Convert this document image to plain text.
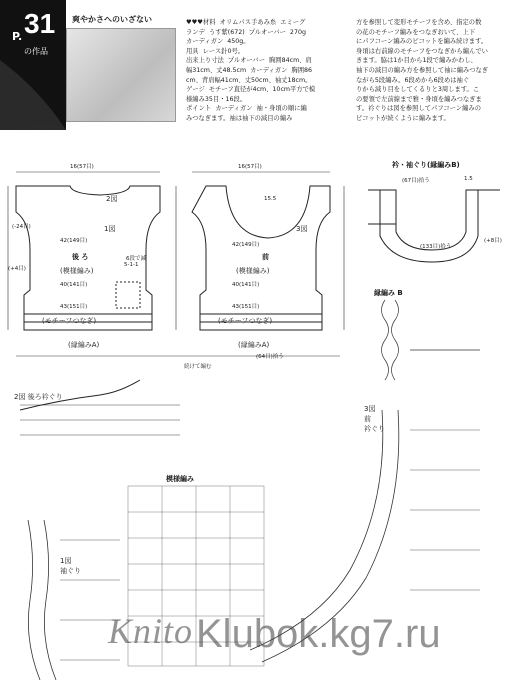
P. 31
の作品
爽やかさへのいざない
エミーグランデ
♥♥♥材料  オリムパス手あみ糸  エミーグ
ランデ  うす紫(672)  プルオーバー  270g
カーディガン  450g。
用具  レース針0号。
出来上り寸法  プルオーバー  胸囲84cm、肩
幅31cm、丈48.5cm  カーディガン  胸囲86
cm、背肩幅41cm、丈50cm、袖丈18cm。
ゲージ  モチーフ直径が4cm、10cm平方で模
様編み35目・16段。
ポイント  カーディガン  袖・身頃の順に編
みつなぎます。袖は袖下の減目の編み
方を参照して変形モチーフを含め、指定の数
の花のモチーフ編みをつなぎおいて、上下
にパフコーン編みのピコットを編み続けます。
身頃は右前線のモチーフをつなぎから編んでい
きます。脇は1か目から1段で編みかわし、
袖下の減目の編み方を参照して袖に編みつなぎ
ながら5段編み。6段めから6段めは袖ぐ
りから減り目をしてくるりと3周します。こ
の要領で左前線まで雅・身頃を編みつなぎま
す。衿ぐりは図を参照してパフコーン編みの
ピコットが続くように編みます。
後 ろ
(模様編み)
2図
1図
(モチーフつなぎ)
(縁編みA)
16(57目)
42(149目)
40(141目)
43(151目)
(-24目)
(+4目)
5-1-1
6段で減	前
(模様編み)
3図
(モチーフつなぎ)
(縁編みA)
16(57目)
42(149目)
40(141目)
43(151目)
15.5
(64目)拾う
続けて編む
衿・袖ぐり(縁編みB)
(67目)拾う
(133目)拾う
(+8目)
1.5
縁編み B
2図 後ろ衿ぐり
模様編み
1図
袖ぐり
3図
前
衿ぐり
Knito Klubok.kg7.ru
